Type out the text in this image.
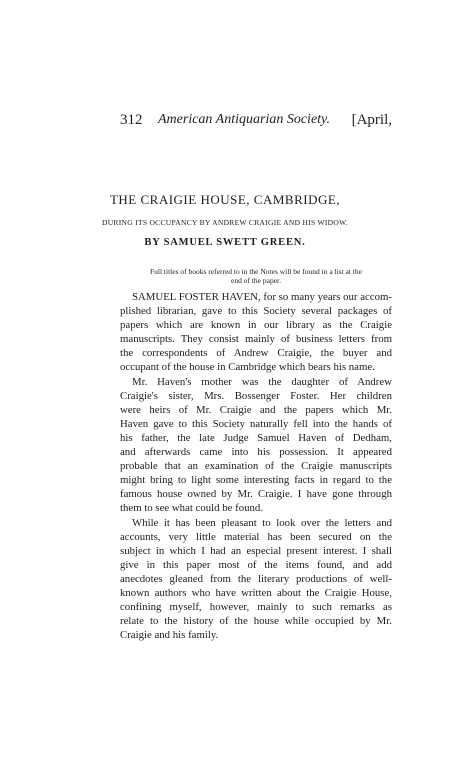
312 American Antiquarian Society. [April,
THE CRAIGIE HOUSE, CAMBRIDGE,
DURING ITS OCCUPANCY BY ANDREW CRAIGIE AND HIS WIDOW.
BY SAMUEL SWETT GREEN.
Full titles of books referred to in the Notes will be found in a list at the
end of the paper.
SAMUEL FOSTER HAVEN, for so many years our accom-
plished librarian, gave to this Society several packages of
papers which are known in our library as the Craigie
manuscripts. They consist mainly of business letters from
the correspondents of Andrew Craigie, the buyer and
occupant of the house in Cambridge which bears his name.
Mr. Haven's mother was the daughter of Andrew
Craigie's sister, Mrs. Bossenger Foster. Her children
were heirs of Mr. Craigie and the papers which Mr.
Haven gave to this Society naturally fell into the hands of
his father, the late Judge Samuel Haven of Dedham,
and afterwards came into his possession. It appeared
probable that an examination of the Craigie manuscripts
might bring to light some interesting facts in regard to the
famous house owned by Mr. Craigie. I have gone through
them to see what could be found.
While it has been pleasant to look over the letters and
accounts, very little material has been secured on the
subject in which I had an especial present interest. I shall
give in this paper most of the items found, and add
anecdotes gleaned from the literary productions of well-
known authors who have written about the Craigie House,
confining myself, however, mainly to such remarks as
relate to the history of the house while occupied by Mr.
Craigie and his family.
